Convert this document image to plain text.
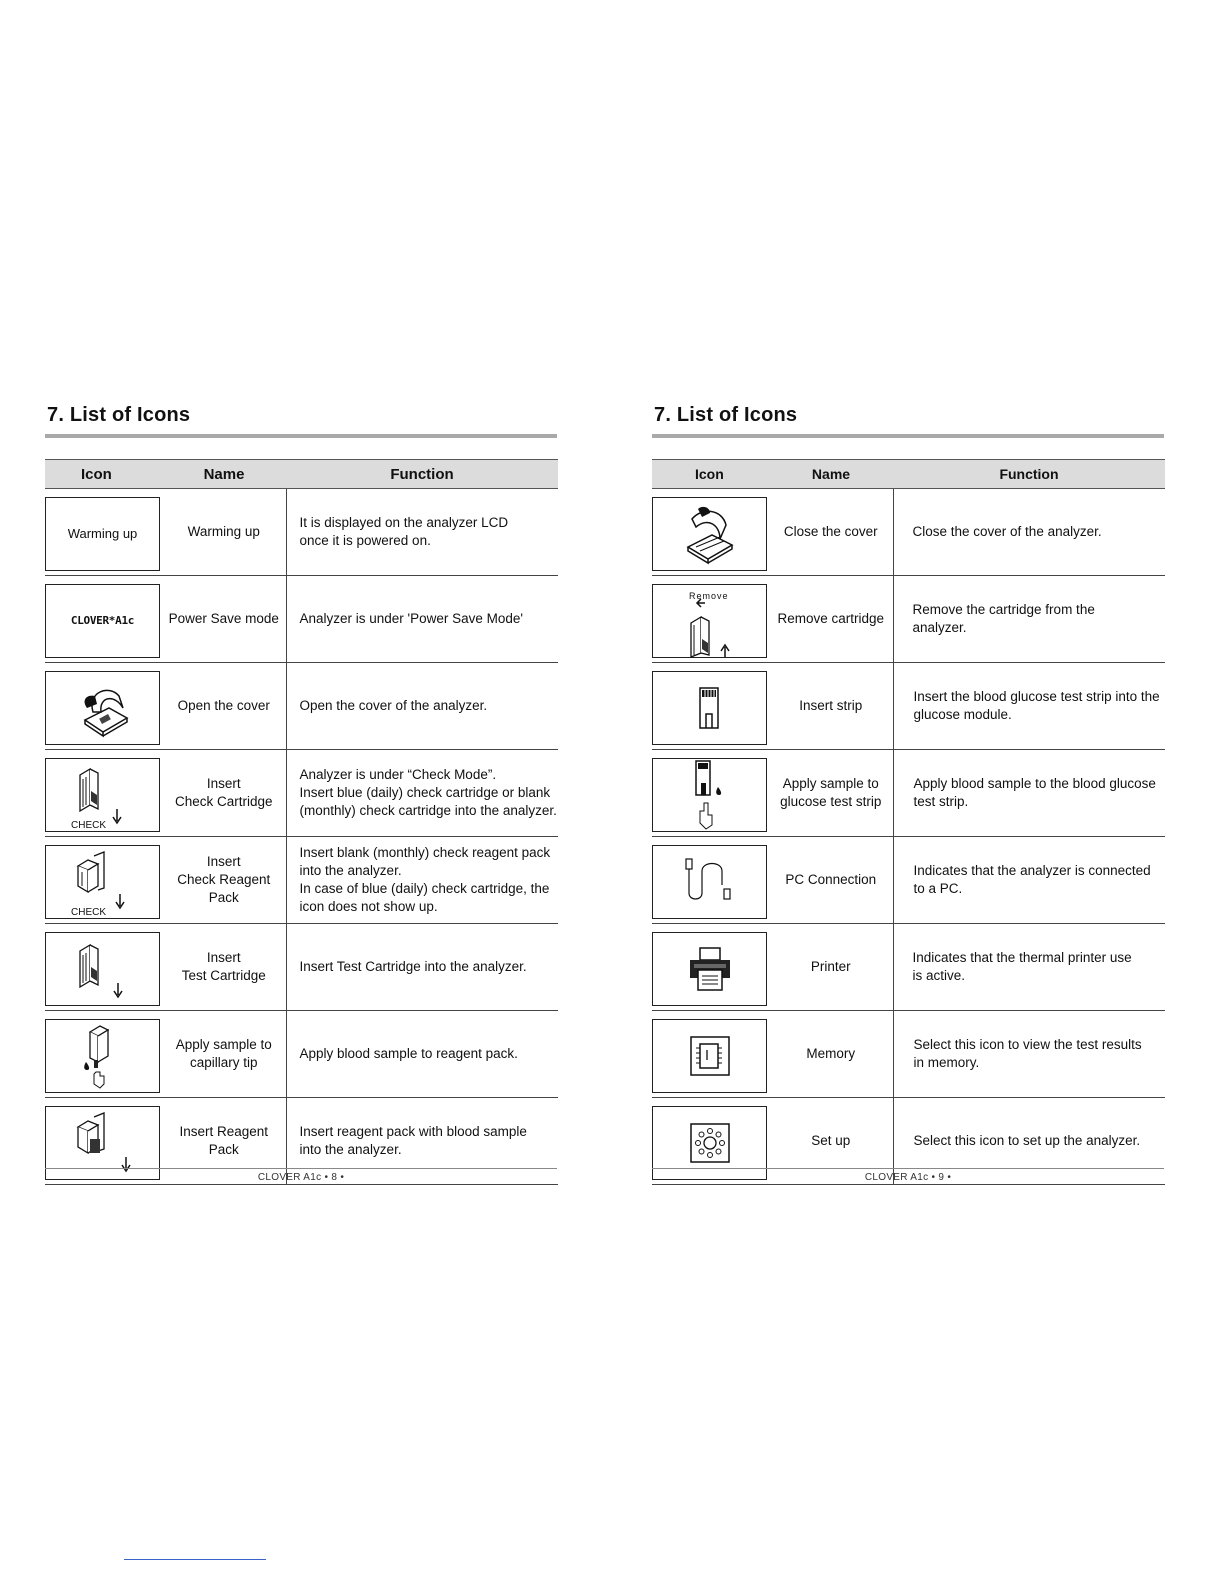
7. List of Icons
Icon	Name	Function

Warming up	Warming up	It is displayed on the analyzer LCD
once it is powered on.

CLOVER*A1c	Power Save mode	Analyzer is under 'Power Save Mode'

	Open the cover	Open the cover of the analyzer.

CHECK	Insert
Check Cartridge	Analyzer is under “Check Mode”.
Insert blue (daily) check cartridge or blank
(monthly) check cartridge into the analyzer.

CHECK	Insert
Check Reagent
Pack	Insert blank (monthly) check reagent pack
into the analyzer.
In case of blue (daily) check cartridge, the
icon does not show up.

	Insert
Test Cartridge	Insert Test Cartridge into the analyzer.

	Apply sample to
capillary tip	Apply blood sample to reagent pack.

	Insert Reagent
Pack	Insert reagent pack with blood sample
into the analyzer.
CLOVER A1c • 8 •
7. List of Icons
Icon	Name	Function

	Close the cover	Close the cover of the analyzer.

Remove	Remove cartridge	Remove the cartridge from the
analyzer.

	Insert strip	Insert the blood glucose test strip into the
glucose module.

	Apply sample to
glucose test strip	Apply blood sample to the blood glucose
test strip.

	PC Connection	Indicates that the analyzer is connected
to a PC.

	Printer	Indicates that the thermal printer use
is active.

	Memory	Select this icon to view the test results
in memory.

	Set up	Select this icon to set up the analyzer.
CLOVER A1c • 9 •
